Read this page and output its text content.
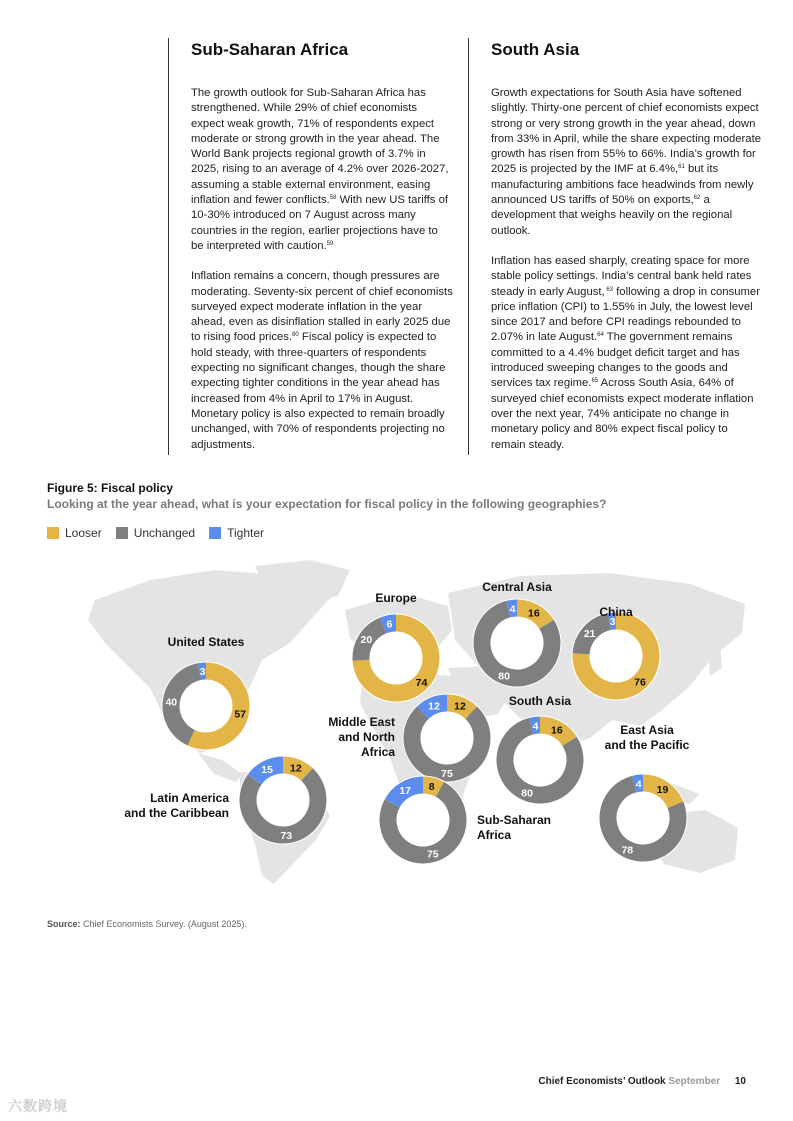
Sub-Saharan Africa

The growth outlook for Sub-Saharan Africa has strengthened. While 29% of chief economists expect weak growth, 71% of respondents expect moderate or strong growth in the year ahead. The World Bank projects regional growth of 3.7% in 2025, rising to an average of 4.2% over 2026-2027, assuming a stable external environment, easing inflation and fewer conflicts.$^{58}$ With new US tariffs of 10-30% introduced on 7 August across many countries in the region, earlier projections have to be interpreted with caution.$^{59}$

Inflation remains a concern, though pressures are moderating. Seventy-six percent of chief economists surveyed expect moderate inflation in the year ahead, even as disinflation stalled in early 2025 due to rising food prices.$^{60}$ Fiscal policy is expected to hold steady, with three-quarters of respondents expecting no significant changes, though the share expecting tighter conditions in the year ahead has increased from 4% in April to 17% in August. Monetary policy is also expected to remain broadly unchanged, with 70% of respondents projecting no adjustments.

South Asia

Growth expectations for South Asia have softened slightly. Thirty-one percent of chief economists expect strong or very strong growth in the year ahead, down from 33% in April, while the share expecting moderate growth has risen from 55% to 66%. India’s growth for 2025 is projected by the IMF at 6.4%,$^{61}$ but its manufacturing ambitions face headwinds from newly announced US tariffs of 50% on exports,$^{62}$ a development that weighs heavily on the regional outlook.

Inflation has eased sharply, creating space for more stable policy settings. India’s central bank held rates steady in early August, $^{63}$ following a drop in consumer price inflation (CPI) to 1.55% in July, the lowest level since 2017 and before CPI readings rebounded to 2.07% in late August.$^{64}$ The government remains committed to a 4.4% budget deficit target and has introduced sweeping changes to the goods and services tax regime.$^{65}$ Across South Asia, 64% of surveyed chief economists expect moderate inflation over the next year, 74% anticipate no change in monetary policy and 80% expect fiscal policy to remain steady.

Figure 5: Fiscal policy
Looking at the year ahead, what is your expectation for fiscal policy in the following geographies?
Looser	Unchanged	Tighter
57
40
3
United States
12
73
15
Latin America and the Caribbean
74
20
6
Europe
12
75
12
Middle East and North Africa
8
75
17
Sub-Saharan Africa
16
80
4
Central Asia
16
80
4
South Asia
76
21
3
China
19
78
4
East Asia and the Pacific
Source: Chief Economists Survey. (August 2025).
Chief Economists’ Outlook September 10
六数跨境
